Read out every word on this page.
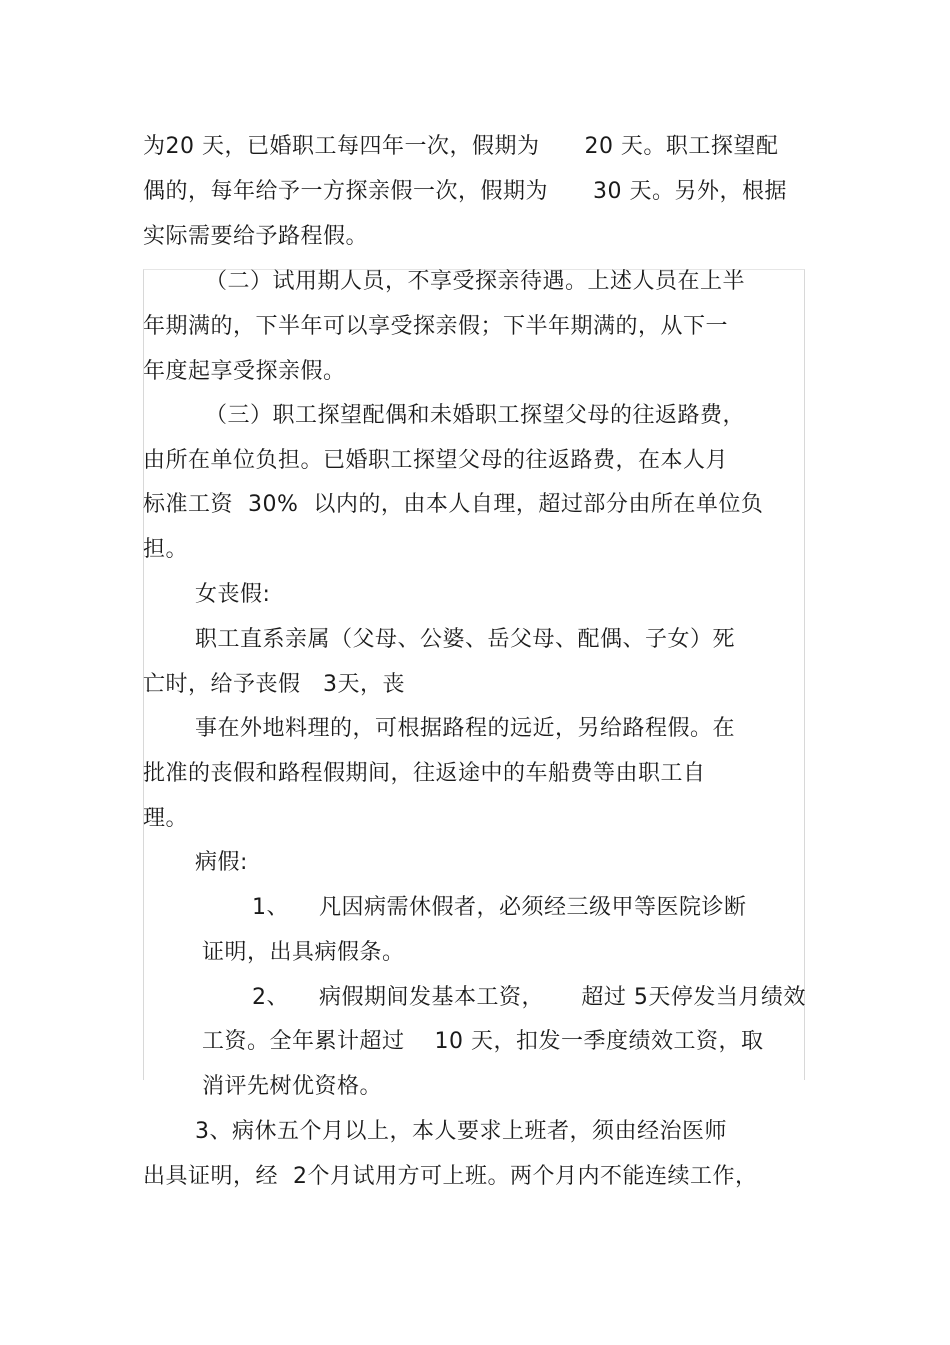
为20 天，已婚职工每四年一次，假期为      20 天。职工探望配
偶的，每年给予一方探亲假一次，假期为      30 天。另外，根据
实际需要给予路程假。
（二）试用期人员，不享受探亲待遇。上述人员在上半
年期满的，下半年可以享受探亲假；下半年期满的，从下一
年度起享受探亲假。
（三）职工探望配偶和未婚职工探望父母的往返路费，
由所在单位负担。已婚职工探望父母的往返路费，在本人月
标准工资  30%  以内的，由本人自理，超过部分由所在单位负
担。
女丧假:
职工直系亲属（父母、公婆、岳父母、配偶、子女）死
亡时，给予丧假   3天，丧
事在外地料理的，可根据路程的远近，另给路程假。在
批准的丧假和路程假期间，往返途中的车船费等由职工自
理。
病假:
1、    凡因病需休假者，必须经三级甲等医院诊断
证明，出具病假条。
2、    病假期间发基本工资，     超过 5天停发当月绩效
工资。全年累计超过    10 天，扣发一季度绩效工资，取
消评先树优资格。
3、病休五个月以上，本人要求上班者，须由经治医师
出具证明，经  2个月试用方可上班。两个月内不能连续工作，
